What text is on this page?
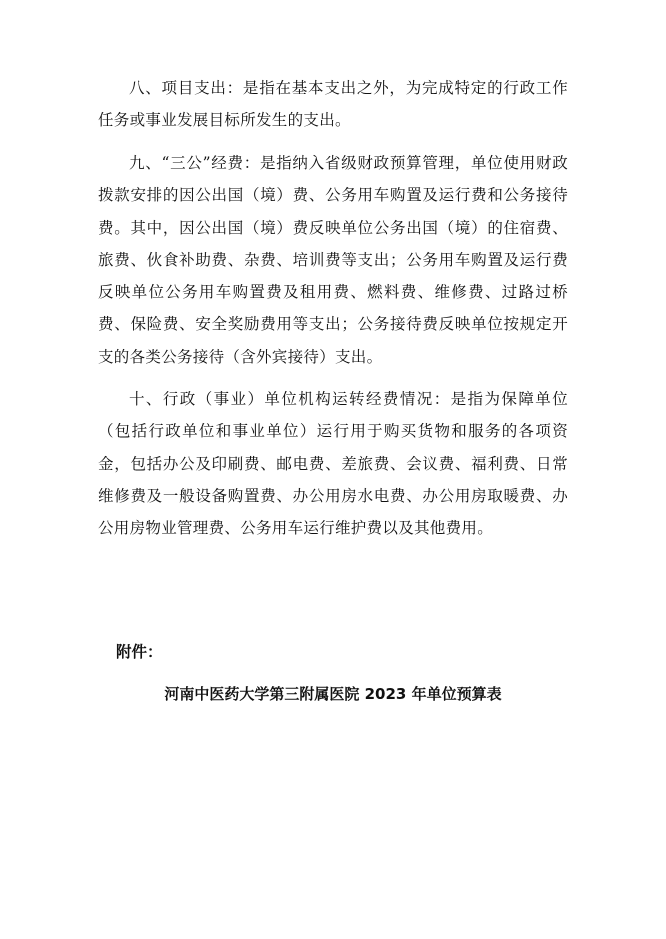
八、项目支出：是指在基本支出之外，为完成特定的行政工作任务或事业发展目标所发生的支出。

九、“三公”经费：是指纳入省级财政预算管理，单位使用财政拨款安排的因公出国（境）费、公务用车购置及运行费和公务接待费。其中，因公出国（境）费反映单位公务出国（境）的住宿费、旅费、伙食补助费、杂费、培训费等支出；公务用车购置及运行费反映单位公务用车购置费及租用费、燃料费、维修费、过路过桥费、保险费、安全奖励费用等支出；公务接待费反映单位按规定开支的各类公务接待（含外宾接待）支出。

十、行政（事业）单位机构运转经费情况：是指为保障单位（包括行政单位和事业单位）运行用于购买货物和服务的各项资金，包括办公及印刷费、邮电费、差旅费、会议费、福利费、日常维修费及一般设备购置费、办公用房水电费、办公用房取暖费、办公用房物业管理费、公务用车运行维护费以及其他费用。

附件：

河南中医药大学第三附属医院 2023 年单位预算表
